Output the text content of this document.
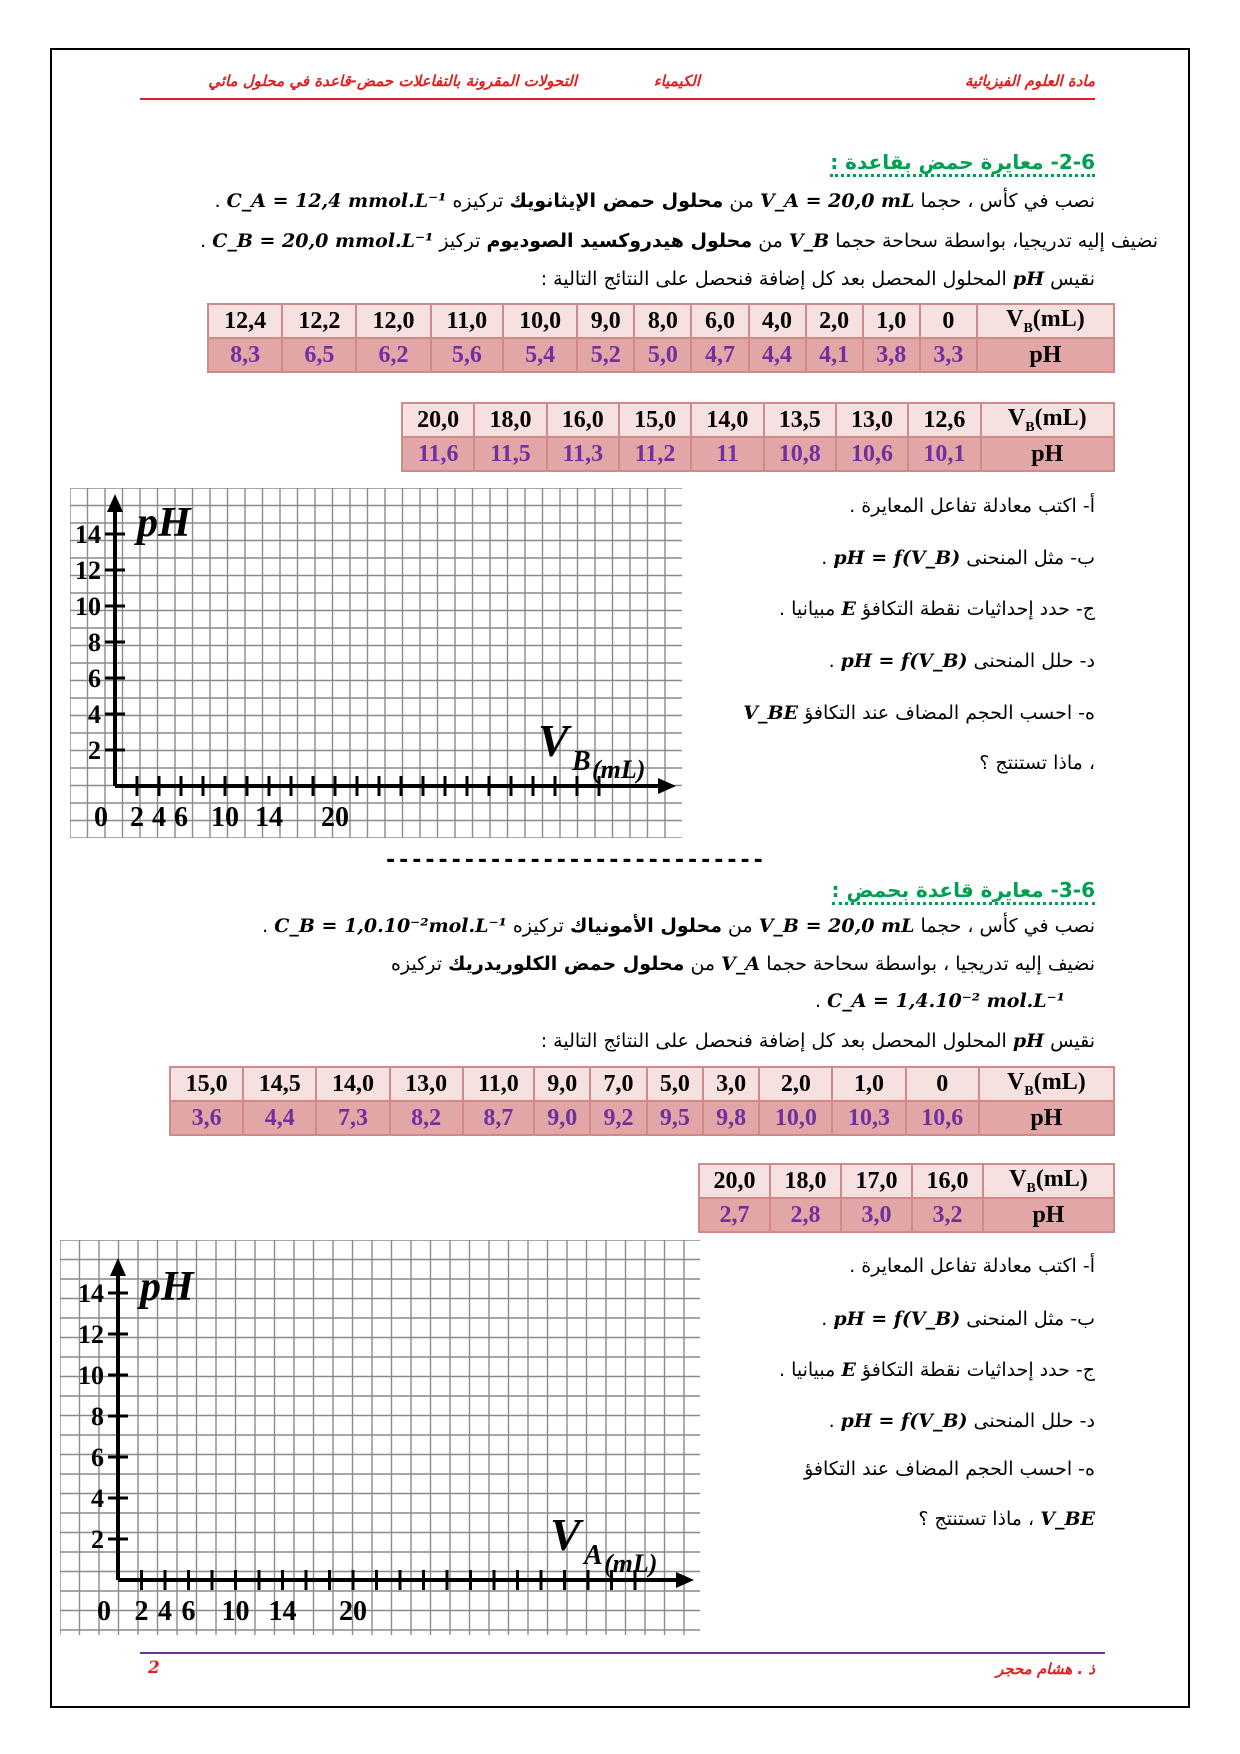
مادة العلوم الفيزيائية
الكيمياء
التحولات المقرونة بالتفاعلات حمض-قاعدة في محلول مائي
2-6- معايرة حمض بقاعدة :
نصب في كأس ، حجما V_A = 20,0 mL من محلول حمض الإيثانويك تركيزه C_A = 12,4 mmol.L⁻¹ .
نضيف إليه تدريجيا، بواسطة سحاحة حجما V_B من محلول هيدروكسيد الصوديوم تركيز C_B = 20,0 mmol.L⁻¹ .
نقيس pH المحلول المحصل بعد كل إضافة فنحصل على النتائج التالية :
12,4	12,2	12,0	11,0	10,0	9,0	8,0	6,0	4,0	2,0	1,0	0	$V_B(mL)$
8,3	6,5	6,2	5,6	5,4	5,2	5,0	4,7	4,4	4,1	3,8	3,3	pH
20,0	18,0	16,0	15,0	14,0	13,5	13,0	12,6	$V_B(mL)$
11,6	11,5	11,3	11,2	11	10,8	10,6	10,1	pH
أ- اكتب معادلة تفاعل المعايرة .
ب- مثل المنحنى pH = f(V_B) .
ج- حدد إحداثيات نقطة التكافؤ E مبيانيا .
د- حلل المنحنى pH = f(V_B) .
ه- احسب الحجم المضاف عند التكافؤ V_BE
، ماذا تستنتج ؟
14
12
10
8
6
4
2
0 2 4 6 10 14 20
pH
V B (mL)
-----------------------------
3-6- معايرة قاعدة بحمض :
نصب في كأس ، حجما V_B = 20,0 mL من محلول الأمونياك تركيزه C_B = 1,0.10⁻²mol.L⁻¹ .
نضيف إليه تدريجيا ، بواسطة سحاحة حجما V_A من محلول حمض الكلوريدريك تركيزه
C_A = 1,4.10⁻² mol.L⁻¹ .
نقيس pH المحلول المحصل بعد كل إضافة فنحصل على النتائج التالية :
15,0	14,5	14,0	13,0	11,0	9,0	7,0	5,0	3,0	2,0	1,0	0	$V_B(mL)$
3,6	4,4	7,3	8,2	8,7	9,0	9,2	9,5	9,8	10,0	10,3	10,6	pH
20,0	18,0	17,0	16,0	$V_B(mL)$
2,7	2,8	3,0	3,2	pH
أ- اكتب معادلة تفاعل المعايرة .
ب- مثل المنحنى pH = f(V_B) .
ج- حدد إحداثيات نقطة التكافؤ E مبيانيا .
د- حلل المنحنى pH = f(V_B) .
ه- احسب الحجم المضاف عند التكافؤ
V_BE ، ماذا تستنتج ؟
14
12
10
8
6
4
2
0 2 4 6 10 14 20
pH
V A (mL)
ذ . هشام محجر
2
